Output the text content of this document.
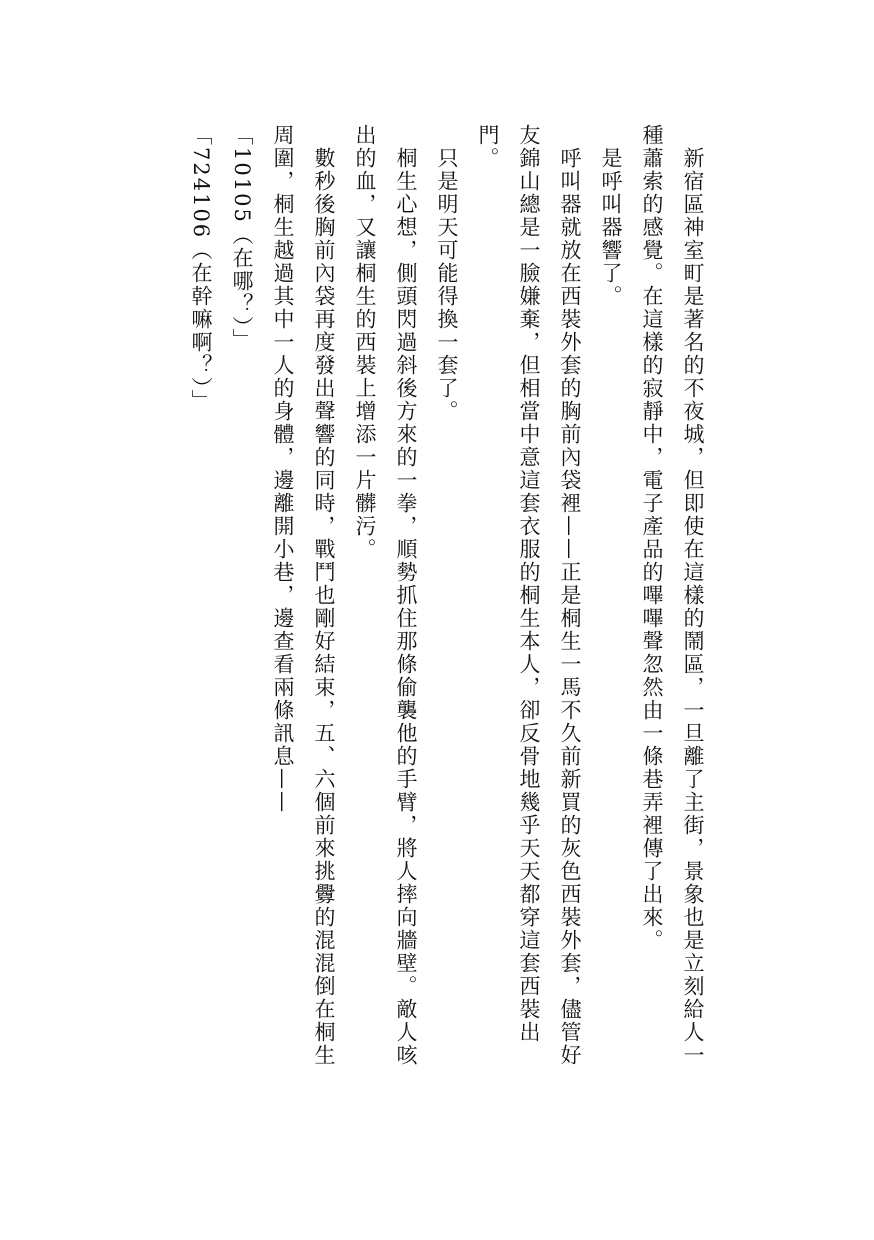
新宿區神室町是著名的不夜城，但即使在這樣的鬧區，一旦離了主街，景象也是立刻給人一種蕭索的感覺。在這樣的寂靜中，電子產品的嗶嗶聲忽然由一條巷弄裡傳了出來。

是呼叫器響了。

呼叫器就放在西裝外套的胸前內袋裡——正是桐生一馬不久前新買的灰色西裝外套，儘管好友錦山總是一臉嫌棄，但相當中意這套衣服的桐生本人，卻反骨地幾乎天天都穿這套西裝出門。

只是明天可能得換一套了。

桐生心想，側頭閃過斜後方來的一拳，順勢抓住那條偷襲他的手臂，將人摔向牆壁。敵人咳出的血，又讓桐生的西裝上增添一片髒污。

數秒後胸前內袋再度發出聲響的同時，戰鬥也剛好結束，五、六個前來挑釁的混混倒在桐生周圍，桐生越過其中一人的身體，邊離開小巷，邊查看兩條訊息——

「10105（在哪？）」

「724106（在幹嘛啊？）」
